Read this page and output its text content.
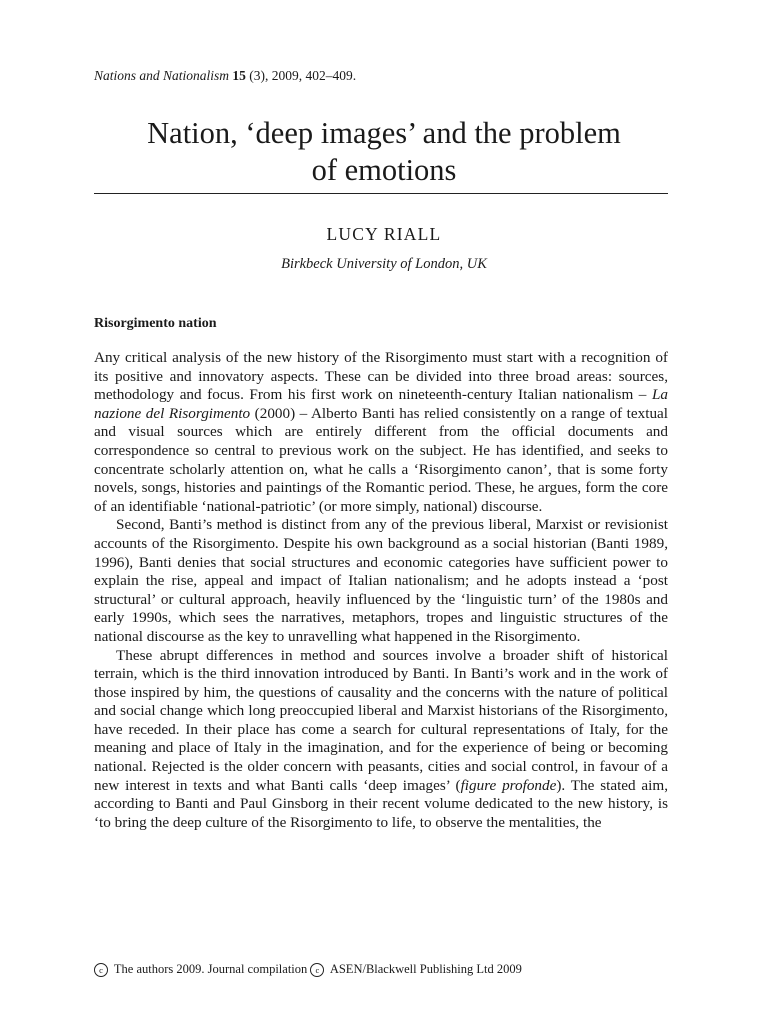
Nations and Nationalism 15 (3), 2009, 402–409.
Nation, ‘deep images’ and the problem
of emotions
LUCY RIALL
Birkbeck University of London, UK
Risorgimento nation

Any critical analysis of the new history of the Risorgimento must start with a recognition of its positive and innovatory aspects. These can be divided into three broad areas: sources, methodology and focus. From his first work on nineteenth-century Italian nationalism – La nazione del Risorgimento (2000) – Alberto Banti has relied consistently on a range of textual and visual sources which are entirely different from the official documents and correspondence so central to previous work on the subject. He has identified, and seeks to concentrate scholarly attention on, what he calls a ‘Risorgimento canon’, that is some forty novels, songs, histories and paintings of the Romantic period. These, he argues, form the core of an identifiable ‘national-patriotic’ (or more simply, national) discourse.

Second, Banti’s method is distinct from any of the previous liberal, Marxist or revisionist accounts of the Risorgimento. Despite his own background as a social historian (Banti 1989, 1996), Banti denies that social structures and economic categories have sufficient power to explain the rise, appeal and impact of Italian nationalism; and he adopts instead a ‘post structural’ or cultural approach, heavily influenced by the ‘linguistic turn’ of the 1980s and early 1990s, which sees the narratives, metaphors, tropes and linguistic structures of the national discourse as the key to unravelling what happened in the Risorgimento.

These abrupt differences in method and sources involve a broader shift of historical terrain, which is the third innovation introduced by Banti. In Banti’s work and in the work of those inspired by him, the questions of causality and the concerns with the nature of political and social change which long preoccupied liberal and Marxist historians of the Risorgimento, have receded. In their place has come a search for cultural representations of Italy, for the meaning and place of Italy in the imagination, and for the experience of being or becoming national. Rejected is the older concern with peasants, cities and social control, in favour of a new interest in texts and what Banti calls ‘deep images’ (figure profonde). The stated aim, according to Banti and Paul Ginsborg in their recent volume dedicated to the new history, is ‘to bring the deep culture of the Risorgimento to life, to observe the mentalities, the

c The authors 2009. Journal compilation c ASEN/Blackwell Publishing Ltd 2009
